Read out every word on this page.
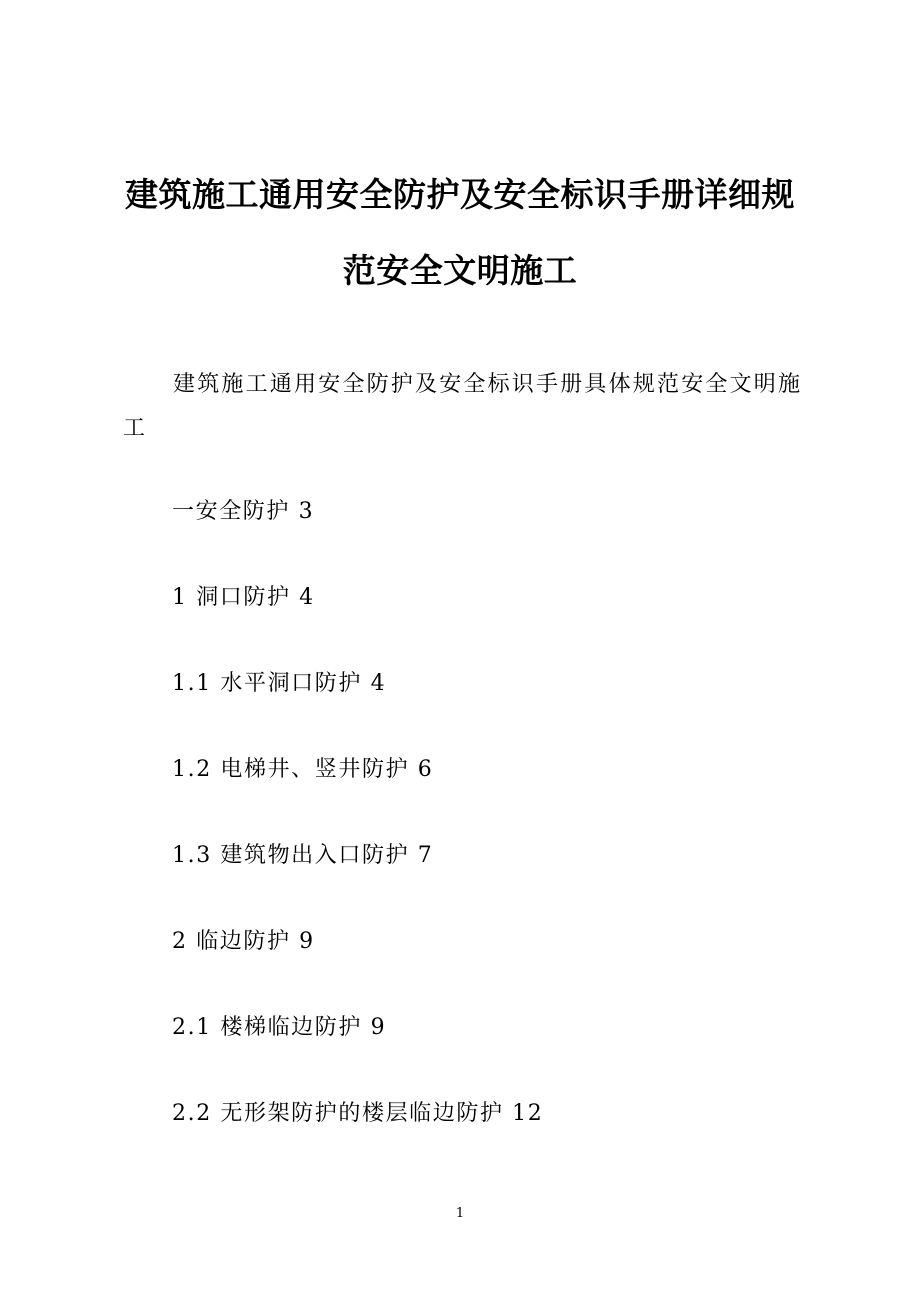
建筑施工通用安全防护及安全标识手册详细规
范安全文明施工
建筑施工通用安全防护及安全标识手册具体规范安全文明施工
一安全防护 3
1 洞口防护 4
1.1 水平洞口防护 4
1.2 电梯井、竖井防护 6
1.3 建筑物出入口防护 7
2 临边防护 9
2.1 楼梯临边防护 9
2.2 无形架防护的楼层临边防护 12
1
